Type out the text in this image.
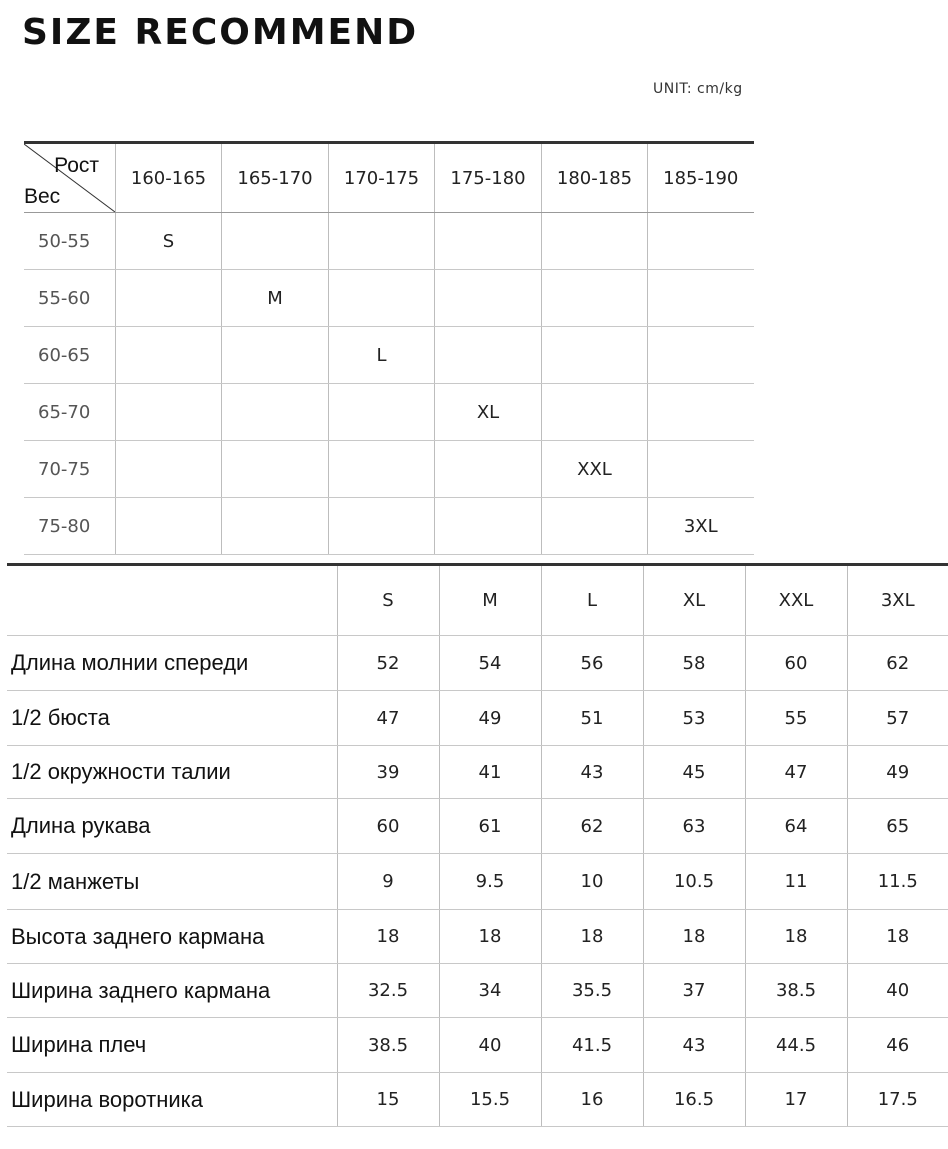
SIZE RECOMMEND
UNIT: cm/kg
Рост
Вес	160-165	165-170	170-175	175-180	180-185	185-190
50-55	S					
55-60		M				
60-65			L			
65-70				XL		
70-75					XXL	
75-80						3XL
	S	M	L	XL	XXL	3XL
Длина молнии спереди	52	54	56	58	60	62
1/2 бюста	47	49	51	53	55	57
1/2 окружности талии	39	41	43	45	47	49
Длина рукава	60	61	62	63	64	65
1/2 манжеты	9	9.5	10	10.5	11	11.5
Высота заднего кармана	18	18	18	18	18	18
Ширина заднего кармана	32.5	34	35.5	37	38.5	40
Ширина плеч	38.5	40	41.5	43	44.5	46
Ширина воротника	15	15.5	16	16.5	17	17.5
